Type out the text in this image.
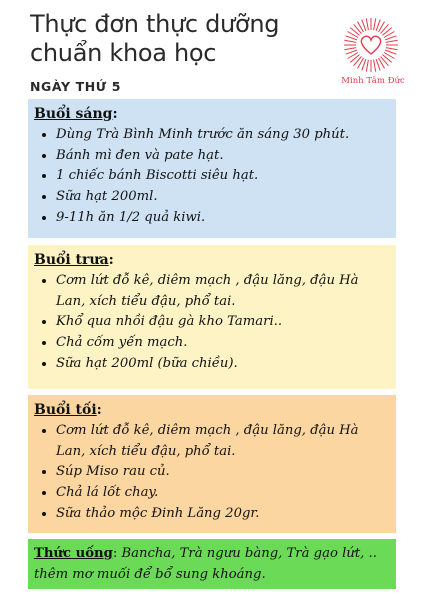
Thực đơn thực dưỡng chuẩn khoa học
NGÀY THỨ 5	Minh Tâm Đức
Buổi sáng:
• Dùng Trà Bình Minh trước ăn sáng 30 phút.
• Bánh mì đen và pate hạt.
• 1 chiếc bánh Biscotti siêu hạt.
• Sữa hạt 200ml.
• 9-11h ăn 1/2 quả kiwi.
Buổi trưa:
• Cơm lứt đỗ kê, diêm mạch , đậu lăng, đậu Hà Lan, xích tiểu đậu, phổ tai.
• Khổ qua nhồi đậu gà kho Tamari..
• Chả cốm yến mạch.
• Sữa hạt 200ml (bữa chiều).
Buổi tối:
• Cơm lứt đỗ kê, diêm mạch , đậu lăng, đậu Hà Lan, xích tiểu đậu, phổ tai.
• Súp Miso rau củ.
• Chả lá lốt chay.
• Sữa thảo mộc Đinh Lăng 20gr.
Thức uống: Bancha, Trà ngưu bàng, Trà gạo lứt, .. thêm mơ muối để bổ sung khoáng.
